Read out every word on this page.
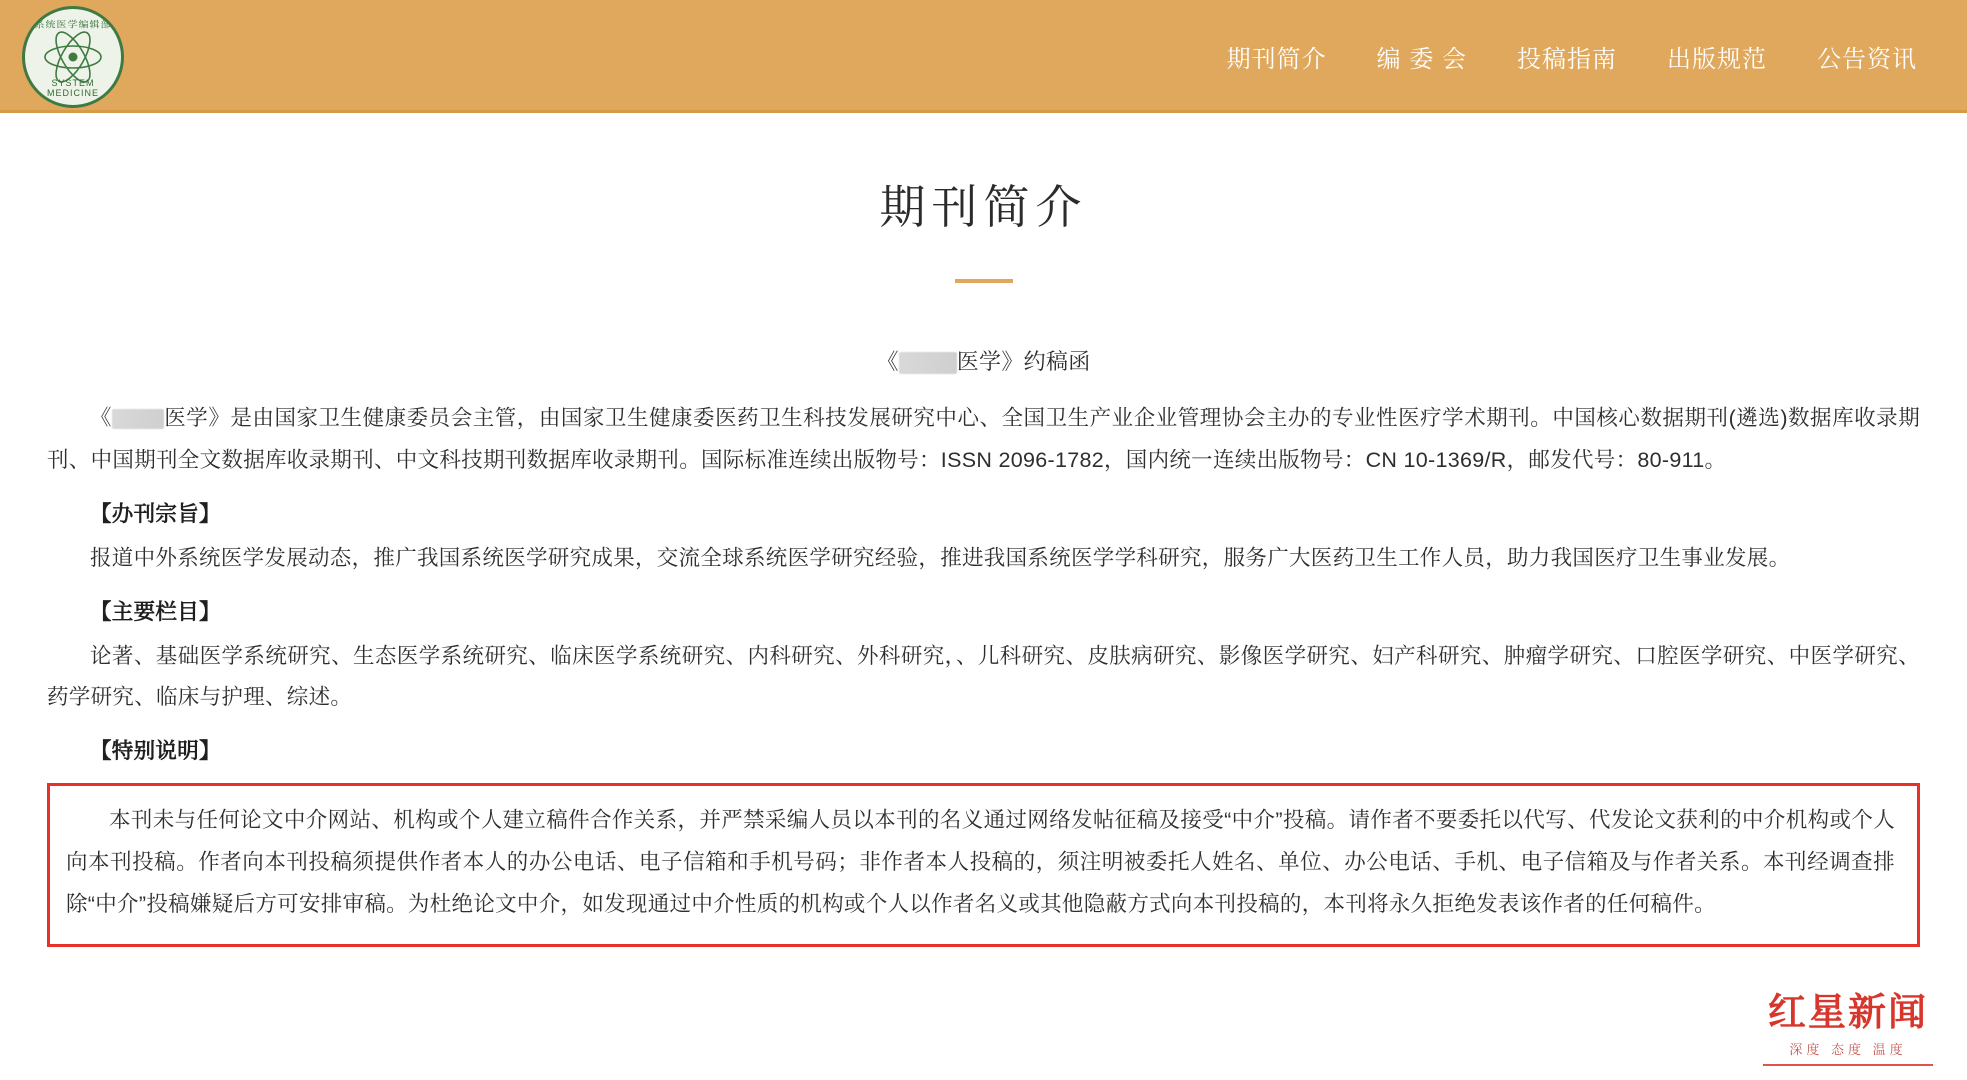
系统医学编辑部
SYSTEM MEDICINE
期刊简介 编 委 会 投稿指南 出版规范 公告资讯
期刊简介
《　　	医学》约稿函

《　　 医学》是由国家卫生健康委员会主管，由国家卫生健康委医药卫生科技发展研究中心、全国卫生产业企业管理协会主办的专业性医疗学术期刊。中国核心数据期刊(遴选)数据库收录期刊、中国期刊全文数据库收录期刊、中文科技期刊数据库收录期刊。国际标准连续出版物号：ISSN 2096-1782，国内统一连续出版物号：CN 10-1369/R，邮发代号：80-911。

【办刊宗旨】

报道中外系统医学发展动态，推广我国系统医学研究成果，交流全球系统医学研究经验，推进我国系统医学学科研究，服务广大医药卫生工作人员，助力我国医疗卫生事业发展。

【主要栏目】

论著、基础医学系统研究、生态医学系统研究、临床医学系统研究、内科研究、外科研究，、儿科研究、皮肤病研究、影像医学研究、妇产科研究、肿瘤学研究、口腔医学研究、中医学研究、药学研究、临床与护理、综述。

【特别说明】

本刊未与任何论文中介网站、机构或个人建立稿件合作关系，并严禁采编人员以本刊的名义通过网络发帖征稿及接受“中介”投稿。请作者不要委托以代写、代发论文获利的中介机构或个人向本刊投稿。作者向本刊投稿须提供作者本人的办公电话、电子信箱和手机号码；非作者本人投稿的，须注明被委托人姓名、单位、办公电话、手机、电子信箱及与作者关系。本刊经调查排除“中介”投稿嫌疑后方可安排审稿。为杜绝论文中介，如发现通过中介性质的机构或个人以作者名义或其他隐蔽方式向本刊投稿的，本刊将永久拒绝发表该作者的任何稿件。

红星新闻
深度 态度 温度
